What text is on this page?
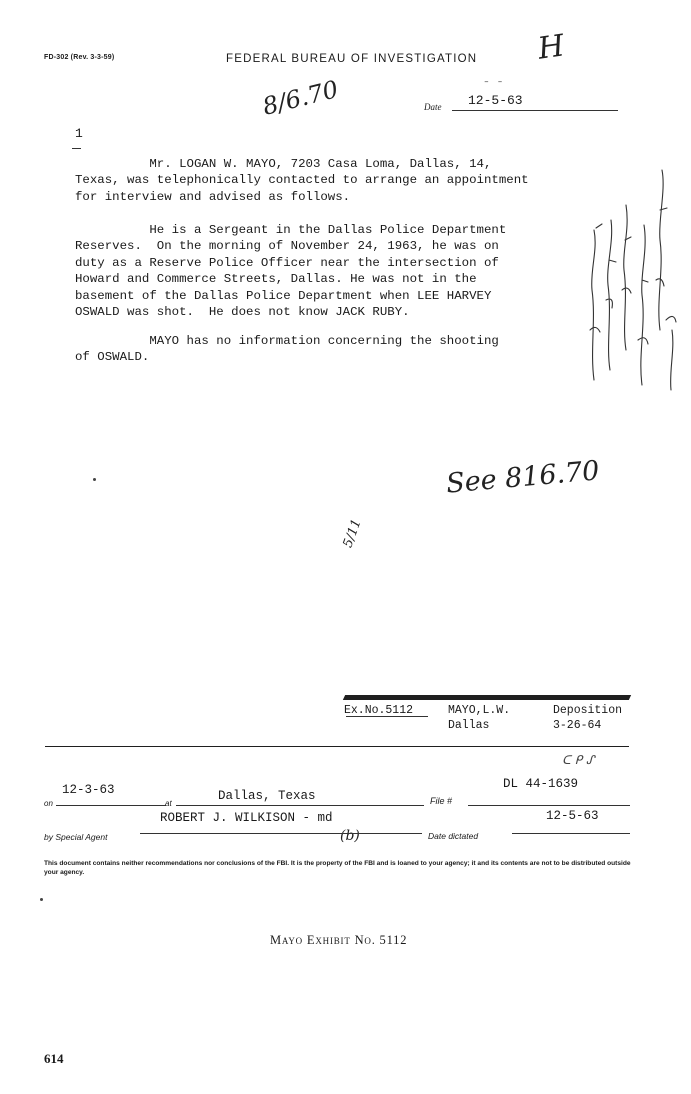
FD-302 (Rev. 3-3-59)	FEDERAL BUREAU OF INVESTIGATION H
8/6.70	– –
Date 12-5-63
1
Mr. LOGAN W. MAYO, 7203 Casa Loma, Dallas, 14,
Texas, was telephonically contacted to arrange an appointment
for interview and advised as follows.
He is a Sergeant in the Dallas Police Department
Reserves.  On the morning of November 24, 1963, he was on
duty as a Reserve Police Officer near the intersection of
Howard and Commerce Streets, Dallas. He was not in the
basement of the Dallas Police Department when LEE HARVEY
OSWALD was shot.  He does not know JACK RUBY.
MAYO has no information concerning the shooting
of OSWALD.
See 816.70
5/11
Ex.No.5112	MAYO,L.W.
Dallas
Deposition
3-26-64
ᑕ ᑭ ᔑ
on
12-3-63
at
Dallas, Texas	File #
DL 44-1639
by Special Agent
ROBERT J. WILKISON - md
(b)	Date dictated
12-5-63
This document contains neither recommendations nor conclusions of the FBI. It is the property of the FBI and is loaned to your agency; it and its contents are not to be distributed outside your agency.
Mayo Exhibit No. 5112
614
